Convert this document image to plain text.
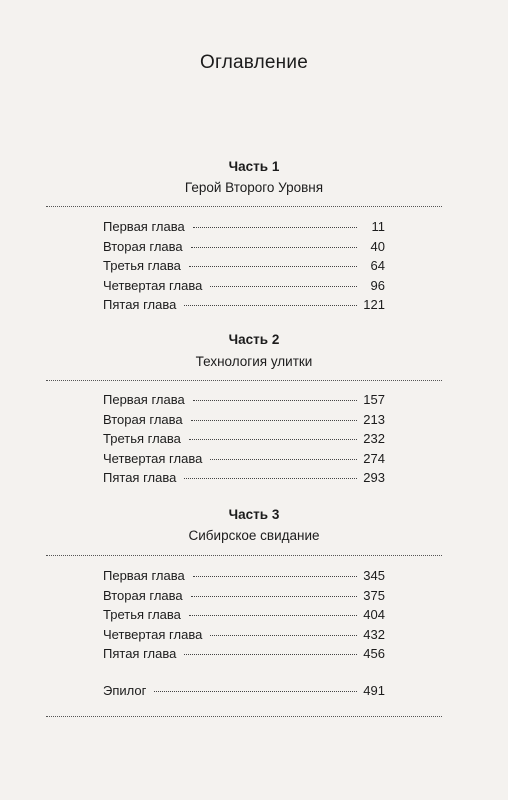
Оглавление
Часть 1
Герой Второго Уровня
Первая глава	11
Вторая глава	40
Третья глава	64
Четвертая глава	96
Пятая глава	121
Часть 2
Технология улитки
Первая глава	157
Вторая глава	213
Третья глава	232
Четвертая глава	274
Пятая глава	293
Часть 3
Сибирское свидание
Первая глава	345
Вторая глава	375
Третья глава	404
Четвертая глава	432
Пятая глава	456
Эпилог	491
